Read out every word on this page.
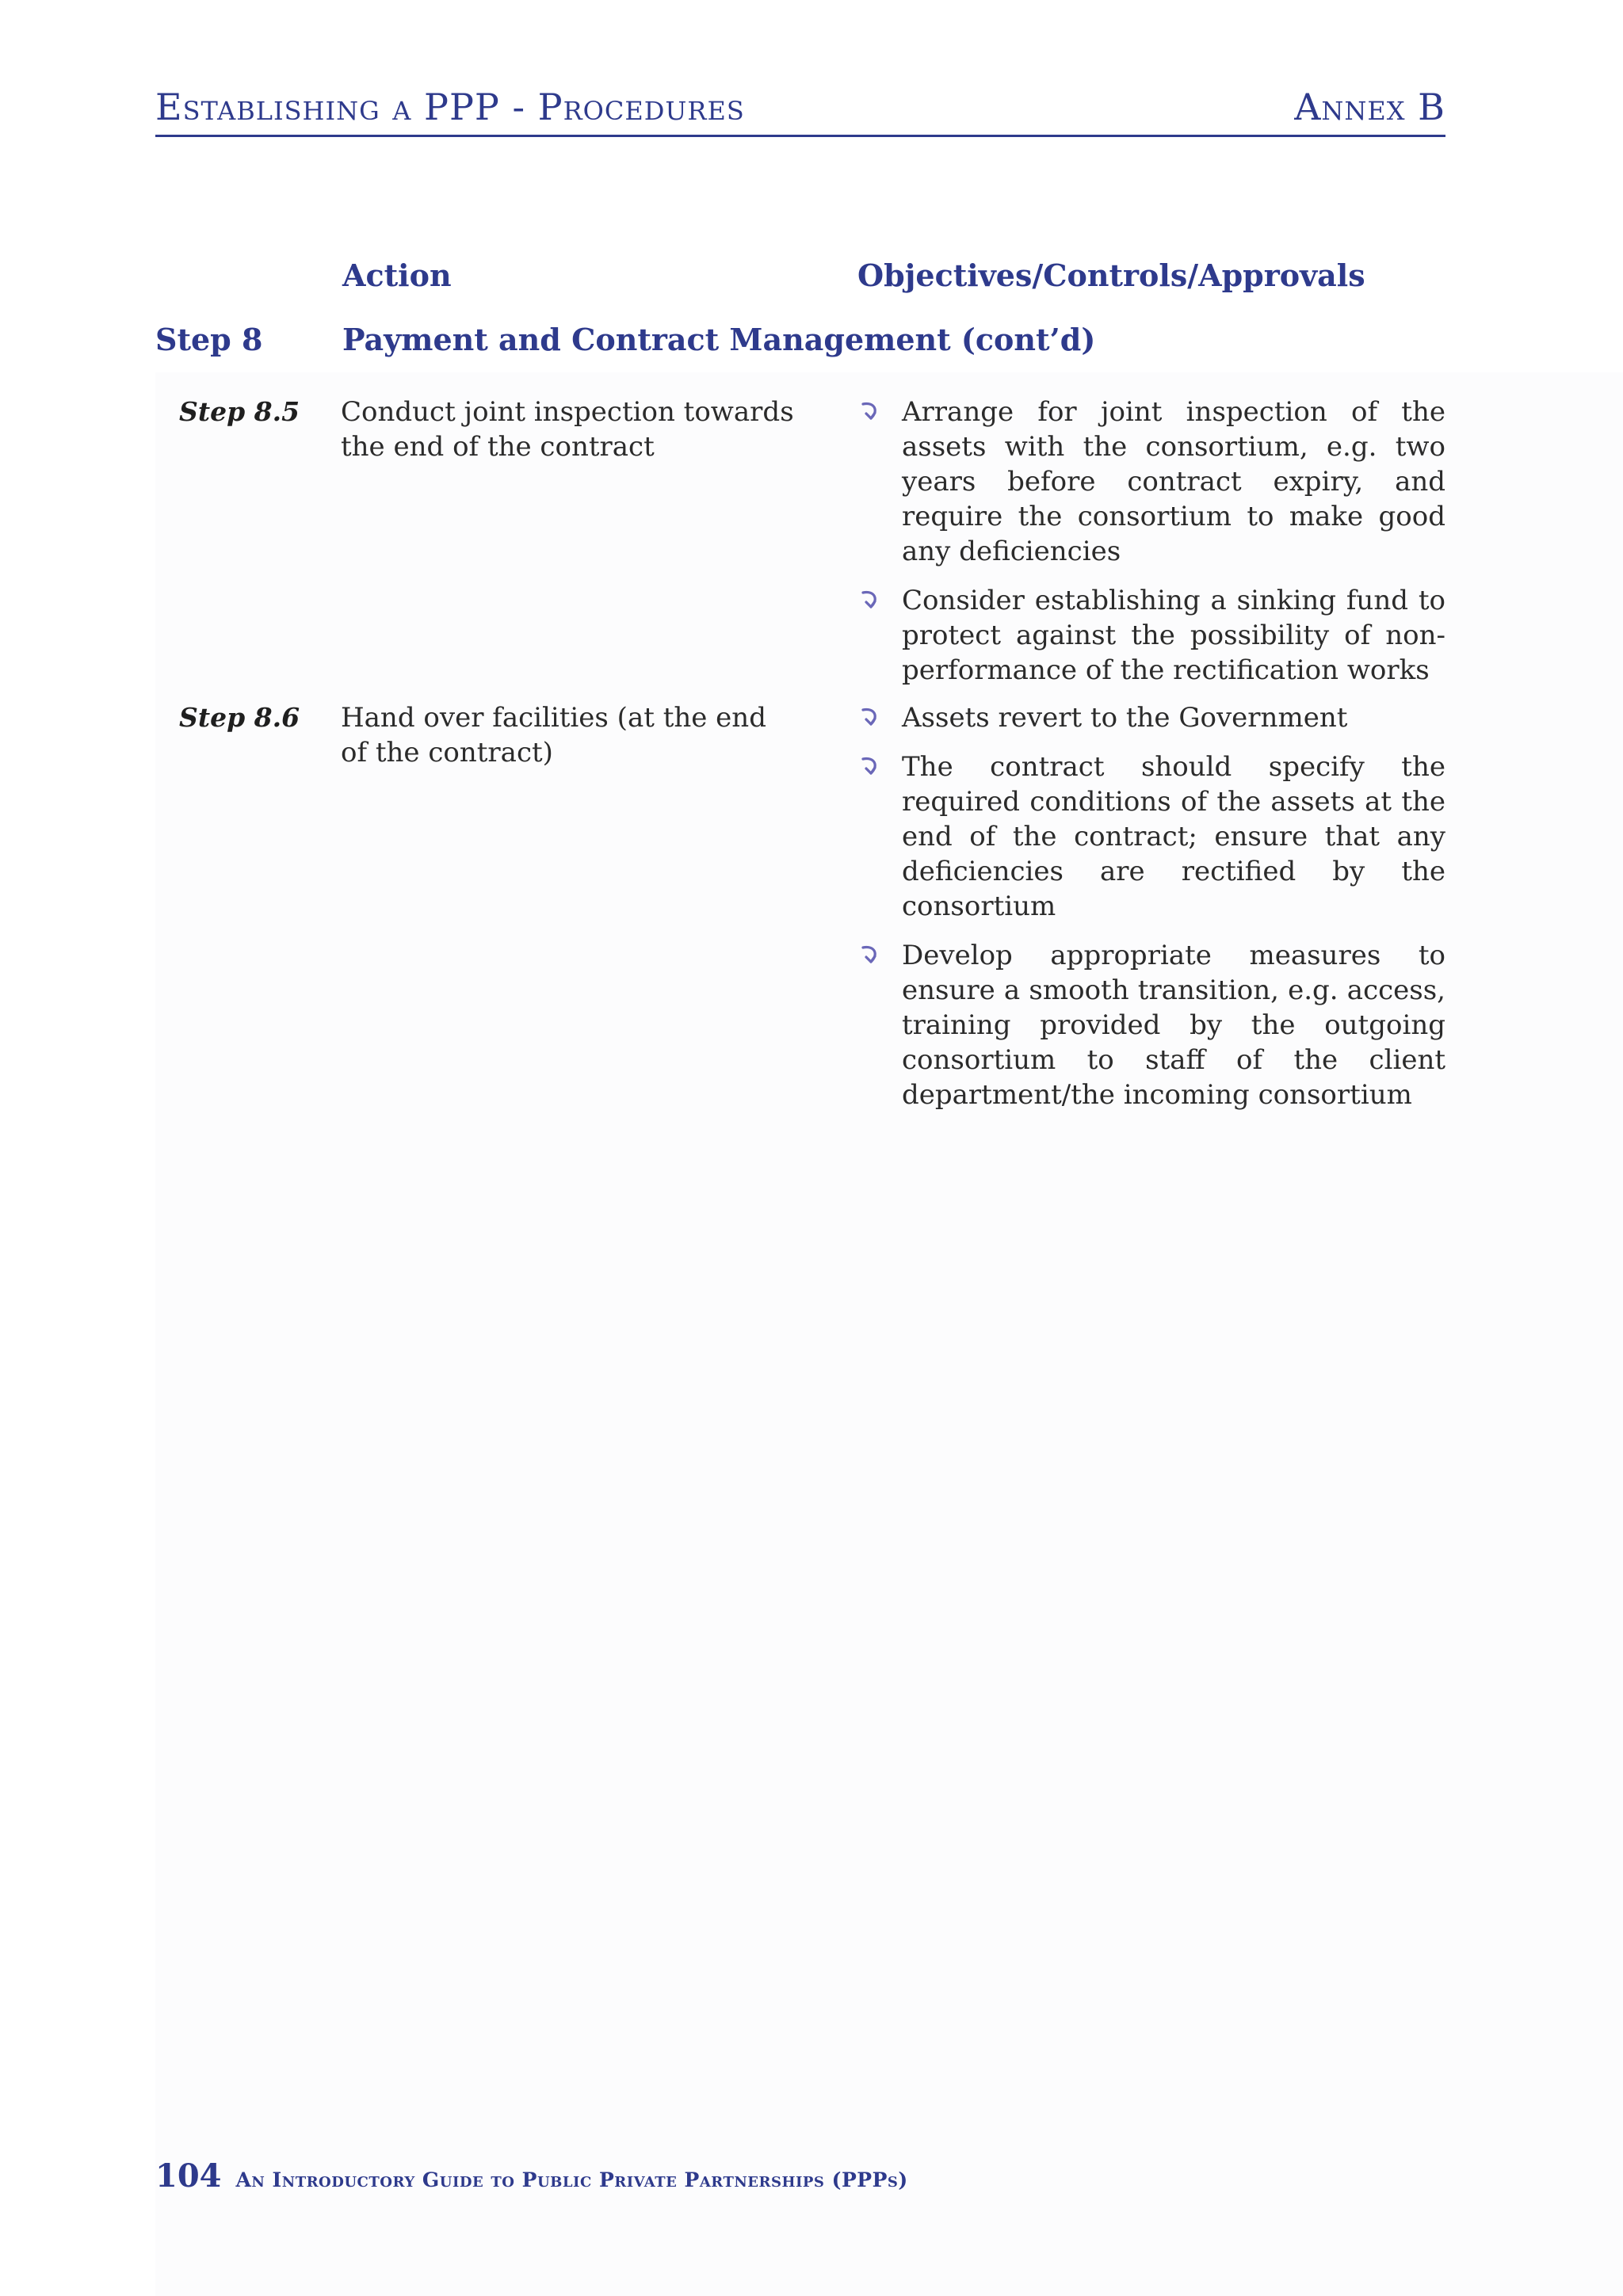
Establishing a PPP - Procedures	Annex B
Action	Objectives/Controls/Approvals
Step 8	Payment and Contract Management (cont’d)
Step 8.5 Conduct joint inspection towards the end of the contract
Arrange for joint inspection of the assets with the consortium, e.g. two years before contract expiry, and require the consortium to make good any deficiencies
Consider establishing a sinking fund to protect against the possibility of non-performance of the rectification works
Step 8.6 Hand over facilities (at the end of the contract)
Assets revert to the Government
The contract should specify the required conditions of the assets at the end of the contract; ensure that any deficiencies are rectified by the consortium
Develop appropriate measures to ensure a smooth transition, e.g. access, training provided by the outgoing consortium to staff of the client department/the incoming consortium
104 An Introductory Guide to Public Private Partnerships (PPPs)
